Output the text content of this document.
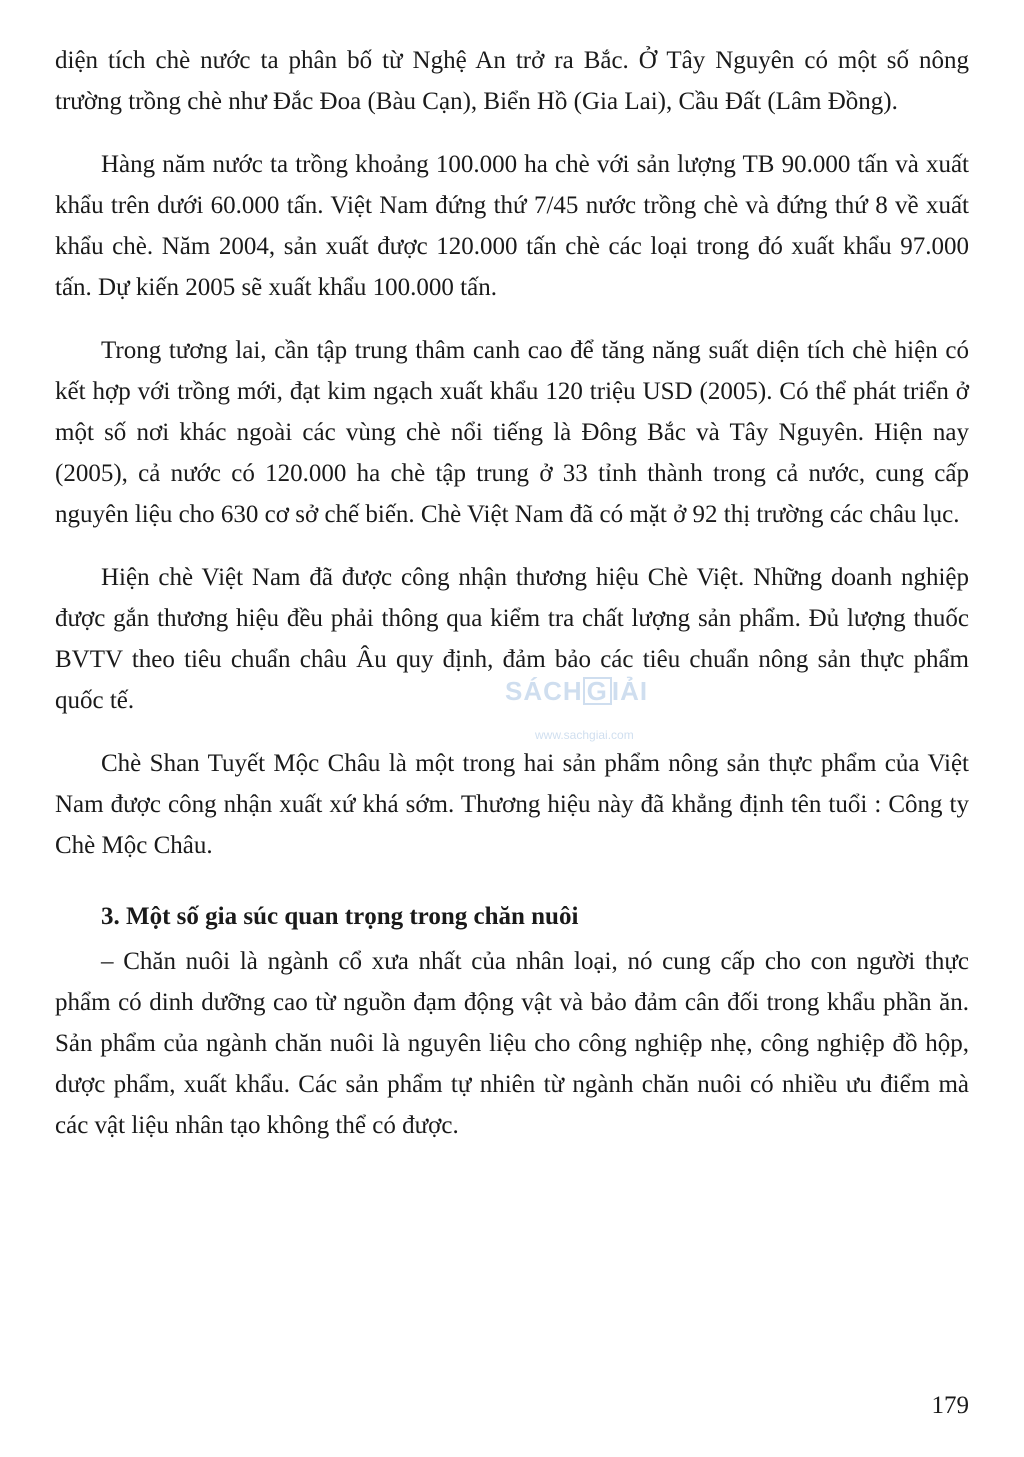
diện tích chè nước ta phân bố từ Nghệ An trở ra Bắc. Ở Tây Nguyên có một số nông trường trồng chè như Đắc Đoa (Bàu Cạn), Biển Hồ (Gia Lai), Cầu Đất (Lâm Đồng).

Hàng năm nước ta trồng khoảng 100.000 ha chè với sản lượng TB 90.000 tấn và xuất khẩu trên dưới 60.000 tấn. Việt Nam đứng thứ 7/45 nước trồng chè và đứng thứ 8 về xuất khẩu chè. Năm 2004, sản xuất được 120.000 tấn chè các loại trong đó xuất khẩu 97.000 tấn. Dự kiến 2005 sẽ xuất khẩu 100.000 tấn.

Trong tương lai, cần tập trung thâm canh cao để tăng năng suất diện tích chè hiện có kết hợp với trồng mới, đạt kim ngạch xuất khẩu 120 triệu USD (2005). Có thể phát triển ở một số nơi khác ngoài các vùng chè nổi tiếng là Đông Bắc và Tây Nguyên. Hiện nay (2005), cả nước có 120.000 ha chè tập trung ở 33 tỉnh thành trong cả nước, cung cấp nguyên liệu cho 630 cơ sở chế biến. Chè Việt Nam đã có mặt ở 92 thị trường các châu lục.

Hiện chè Việt Nam đã được công nhận thương hiệu Chè Việt. Những doanh nghiệp được gắn thương hiệu đều phải thông qua kiểm tra chất lượng sản phẩm. Đủ lượng thuốc BVTV theo tiêu chuẩn châu Âu quy định, đảm bảo các tiêu chuẩn nông sản thực phẩm quốc tế.

Chè Shan Tuyết Mộc Châu là một trong hai sản phẩm nông sản thực phẩm của Việt Nam được công nhận xuất xứ khá sớm. Thương hiệu này đã khẳng định tên tuổi : Công ty Chè Mộc Châu.

3. Một số gia súc quan trọng trong chăn nuôi

– Chăn nuôi là ngành cổ xưa nhất của nhân loại, nó cung cấp cho con người thực phẩm có dinh dưỡng cao từ nguồn đạm động vật và bảo đảm cân đối trong khẩu phần ăn. Sản phẩm của ngành chăn nuôi là nguyên liệu cho công nghiệp nhẹ, công nghiệp đồ hộp, dược phẩm, xuất khẩu. Các sản phẩm tự nhiên từ ngành chăn nuôi có nhiều ưu điểm mà các vật liệu nhân tạo không thể có được.

SÁCH G IẢI
www.sachgiai.com
179
